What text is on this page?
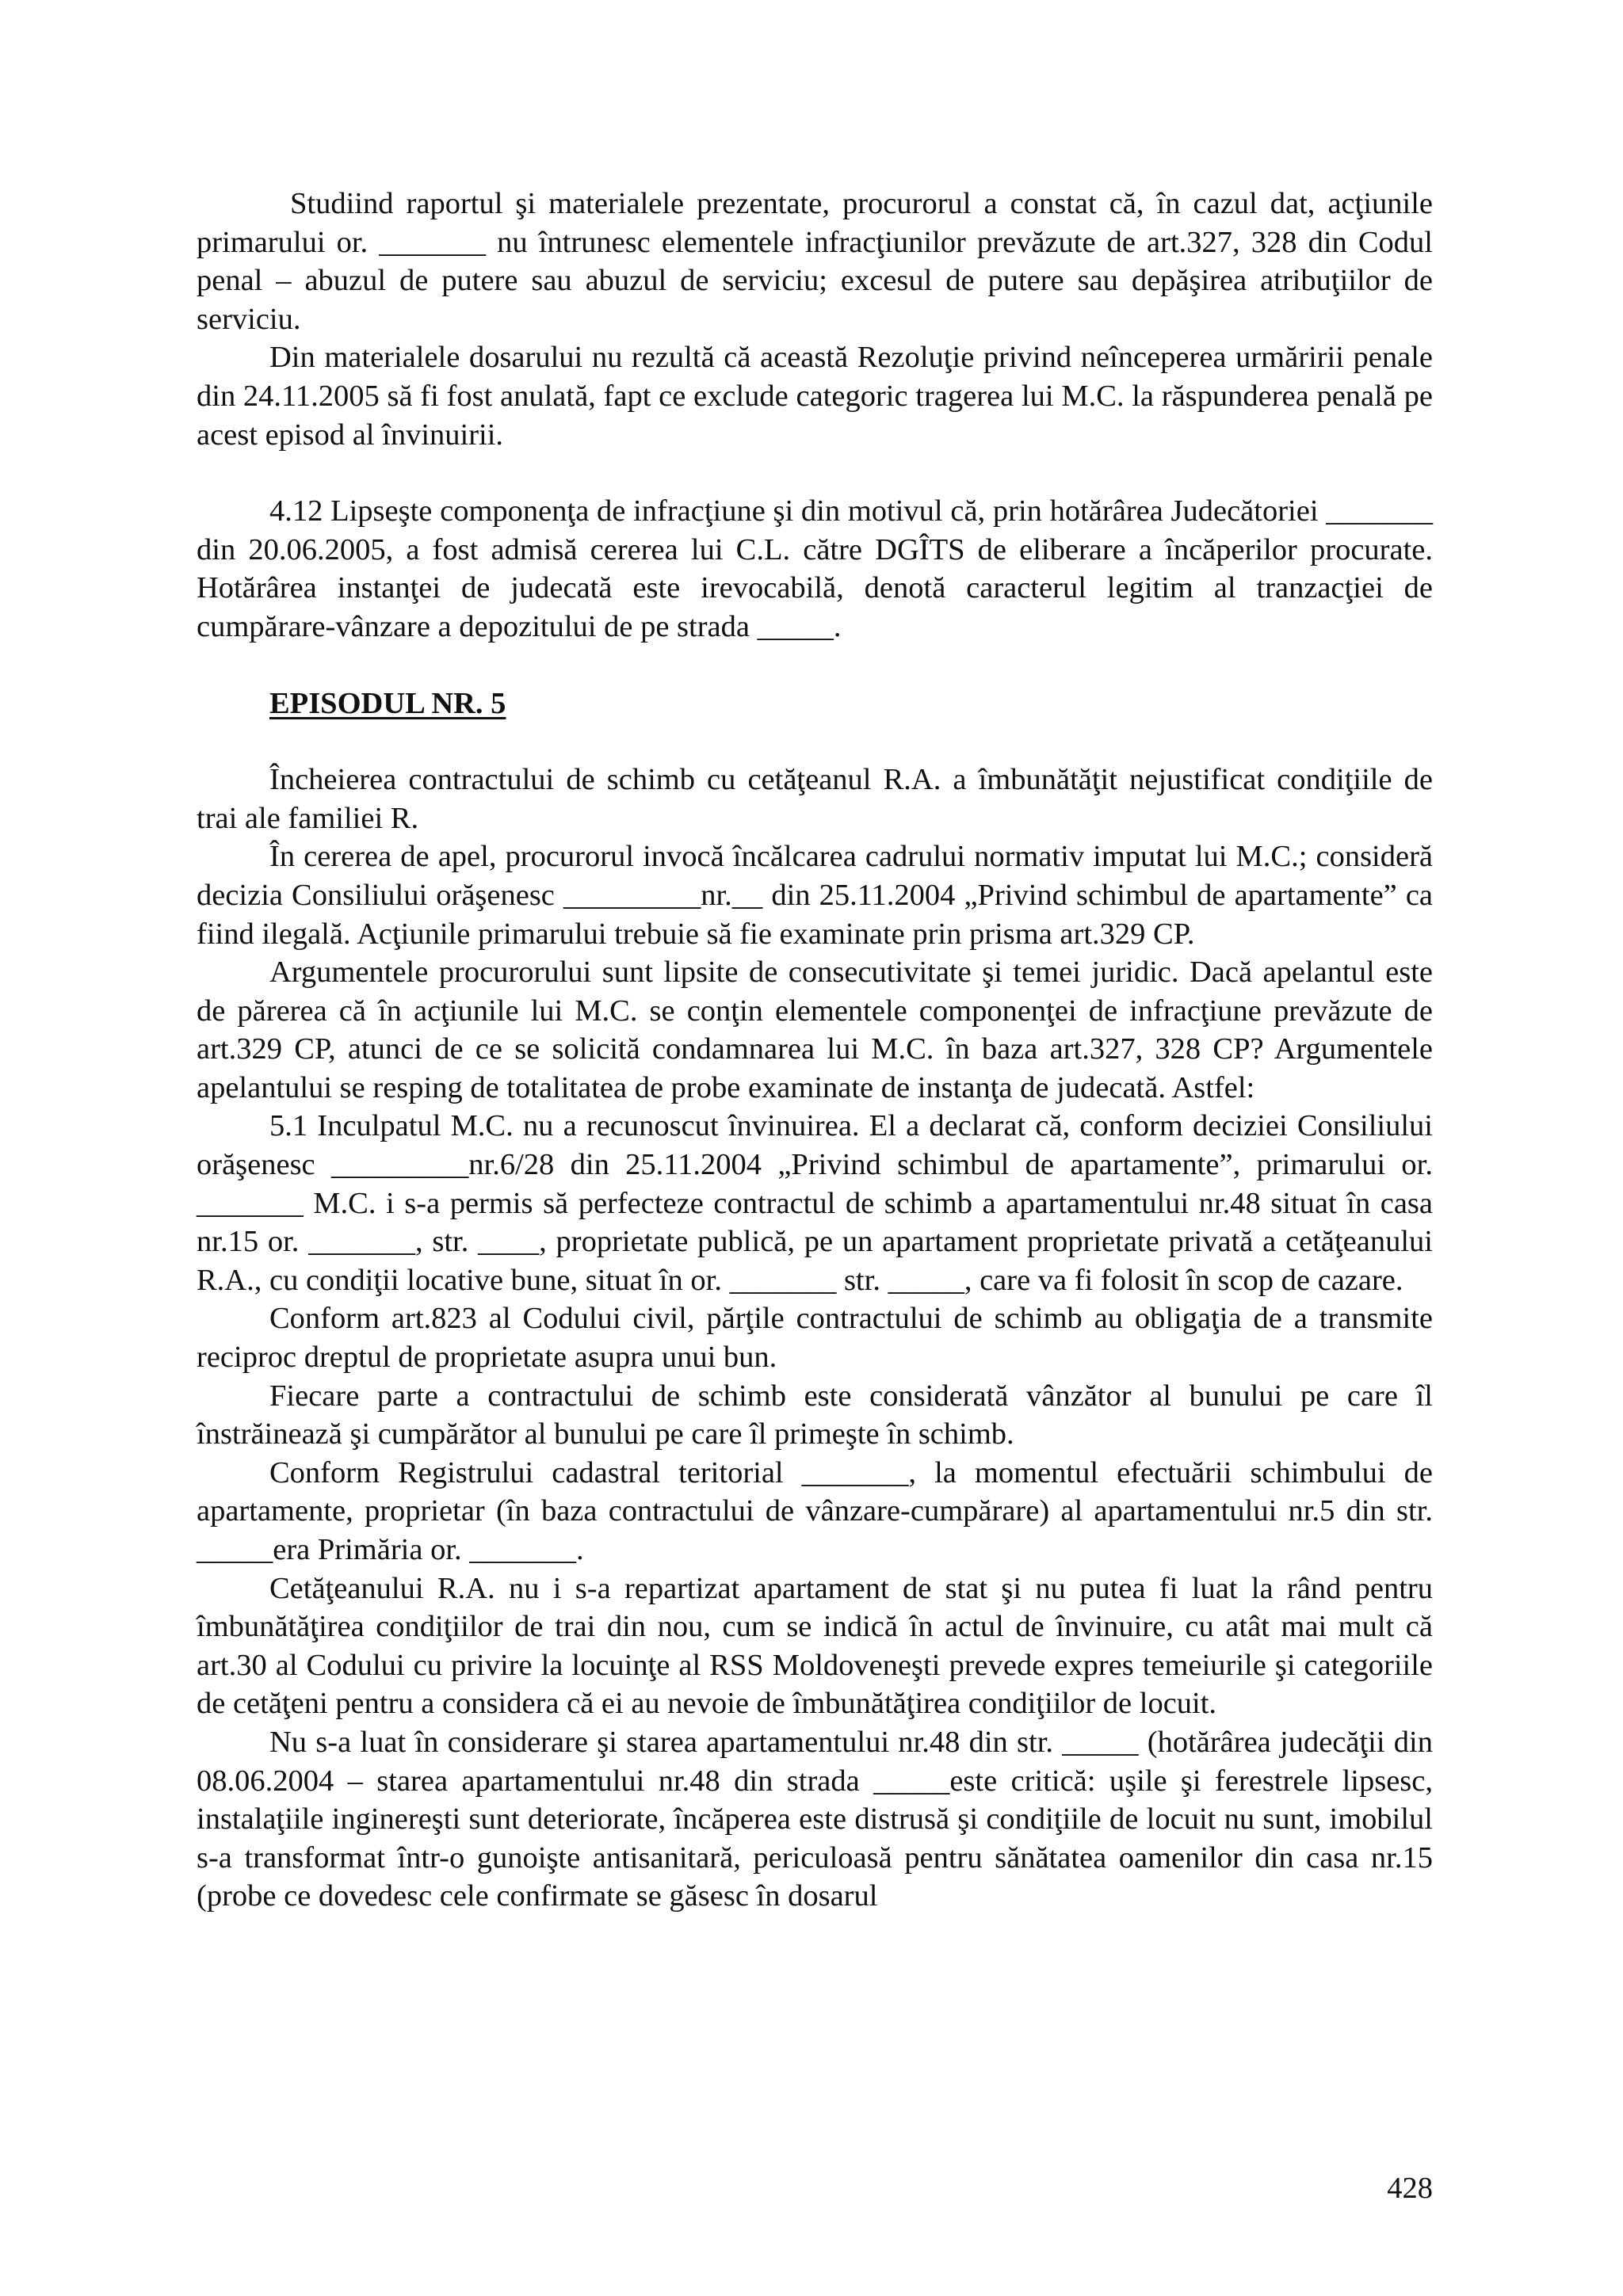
Studiind raportul şi materialele prezentate, procurorul a constat că, în cazul dat, acţiunile primarului or. _______ nu întrunesc elementele infracţiunilor prevăzute de art.327, 328 din Codul penal – abuzul de putere sau abuzul de serviciu; excesul de putere sau depăşirea atribuţiilor de serviciu.

Din materialele dosarului nu rezultă că această Rezoluţie privind neînceperea urmăririi penale din 24.11.2005 să fi fost anulată, fapt ce exclude categoric tragerea lui M.C. la răspunderea penală pe acest episod al învinuirii.

4.12 Lipseşte componenţa de infracţiune şi din motivul că, prin hotărârea Judecătoriei _______ din 20.06.2005, a fost admisă cererea lui C.L. către DGÎTS de eliberare a încăperilor procurate. Hotărârea instanţei de judecată este irevocabilă, denotă caracterul legitim al tranzacţiei de cumpărare-vânzare a depozitului de pe strada _____.

EPISODUL NR. 5

Încheierea contractului de schimb cu cetăţeanul R.A. a îmbunătăţit nejustificat condiţiile de trai ale familiei R.

În cererea de apel, procurorul invocă încălcarea cadrului normativ imputat lui M.C.; consideră decizia Consiliului orăşenesc _________nr.__ din 25.11.2004 „Privind schimbul de apartamente” ca fiind ilegală. Acţiunile primarului trebuie să fie examinate prin prisma art.329 CP.

Argumentele procurorului sunt lipsite de consecutivitate şi temei juridic. Dacă apelantul este de părerea că în acţiunile lui M.C. se conţin elementele componenţei de infracţiune prevăzute de art.329 CP, atunci de ce se solicită condamnarea lui M.C. în baza art.327, 328 CP? Argumentele apelantului se resping de totalitatea de probe examinate de instanţa de judecată. Astfel:

5.1 Inculpatul M.C. nu a recunoscut învinuirea. El a declarat că, conform deciziei Consiliului orăşenesc _________nr.6/28 din 25.11.2004 „Privind schimbul de apartamente”, primarului or. _______ M.C. i s-a permis să perfecteze contractul de schimb a apartamentului nr.48 situat în casa nr.15 or. _______, str. ____, proprietate publică, pe un apartament proprietate privată a cetăţeanului R.A., cu condiţii locative bune, situat în or. _______ str. _____, care va fi folosit în scop de cazare.

Conform art.823 al Codului civil, părţile contractului de schimb au obligaţia de a transmite reciproc dreptul de proprietate asupra unui bun.

Fiecare parte a contractului de schimb este considerată vânzător al bunului pe care îl înstrăinează şi cumpărător al bunului pe care îl primeşte în schimb.

Conform Registrului cadastral teritorial _______, la momentul efectuării schimbului de apartamente, proprietar (în baza contractului de vânzare-cumpărare) al apartamentului nr.5 din str. _____era Primăria or. _______.

Cetăţeanului R.A. nu i s-a repartizat apartament de stat şi nu putea fi luat la rând pentru îmbunătăţirea condiţiilor de trai din nou, cum se indică în actul de învinuire, cu atât mai mult că art.30 al Codului cu privire la locuinţe al RSS Moldoveneşti prevede expres temeiurile şi categoriile de cetăţeni pentru a considera că ei au nevoie de îmbunătăţirea condiţiilor de locuit.

Nu s-a luat în considerare şi starea apartamentului nr.48 din str. _____ (hotărârea judecăţii din 08.06.2004 – starea apartamentului nr.48 din strada _____este critică: uşile şi ferestrele lipsesc, instalaţiile inginereşti sunt deteriorate, încăperea este distrusă şi condiţiile de locuit nu sunt, imobilul s-a transformat într-o gunoişte antisanitară, periculoasă pentru sănătatea oamenilor din casa nr.15 (probe ce dovedesc cele confirmate se găsesc în dosarul

428
